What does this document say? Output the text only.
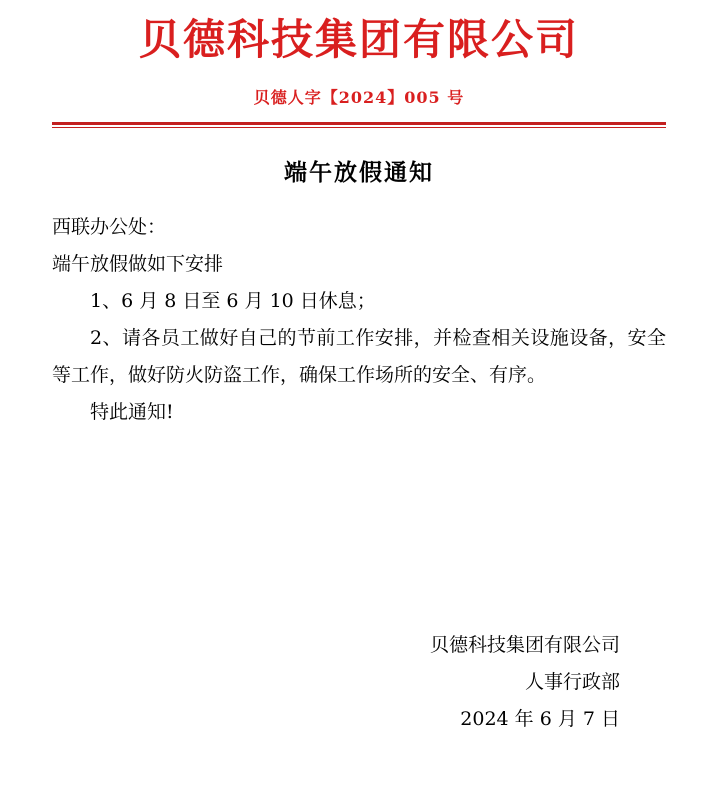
贝德科技集团有限公司
贝德人字【2024】005 号
端午放假通知

西联办公处：

端午放假做如下安排

1、6 月 8 日至 6 月 10 日休息；

2、请各员工做好自己的节前工作安排，并检查相关设施设备，安全等工作，做好防火防盗工作，确保工作场所的安全、有序。

特此通知!

贝德科技集团有限公司
人事行政部
2024 年 6 月 7 日
